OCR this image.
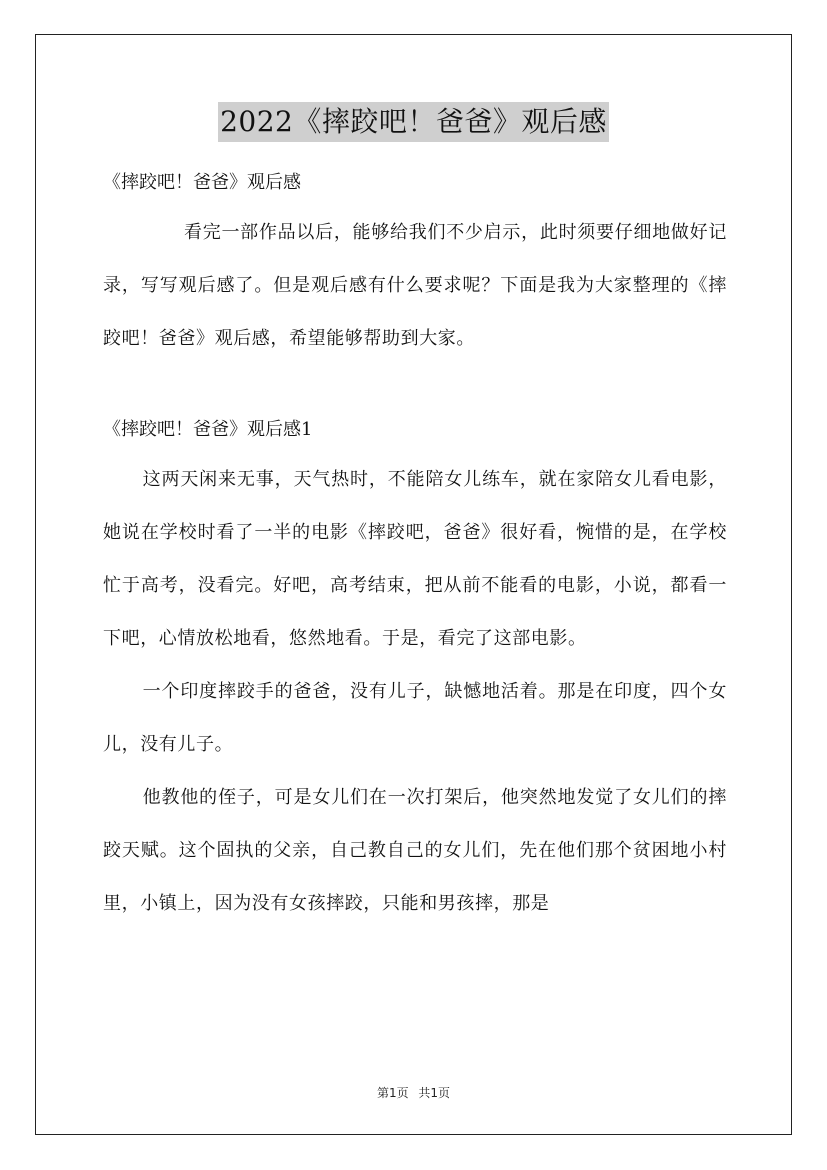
2022《摔跤吧！爸爸》观后感

《摔跤吧！爸爸》观后感

看完一部作品以后，能够给我们不少启示，此时须要仔细地做好记录，写写观后感了。但是观后感有什么要求呢？下面是我为大家整理的《摔跤吧！爸爸》观后感，希望能够帮助到大家。

《摔跤吧！爸爸》观后感1

这两天闲来无事，天气热时，不能陪女儿练车，就在家陪女儿看电影，她说在学校时看了一半的电影《摔跤吧，爸爸》很好看，惋惜的是，在学校忙于高考，没看完。好吧，高考结束，把从前不能看的电影，小说，都看一下吧，心情放松地看，悠然地看。于是，看完了这部电影。

一个印度摔跤手的爸爸，没有儿子，缺憾地活着。那是在印度，四个女儿，没有儿子。

他教他的侄子，可是女儿们在一次打架后，他突然地发觉了女儿们的摔跤天赋。这个固执的父亲，自己教自己的女儿们，先在他们那个贫困地小村里，小镇上，因为没有女孩摔跤，只能和男孩摔，那是

第1页 共1页
